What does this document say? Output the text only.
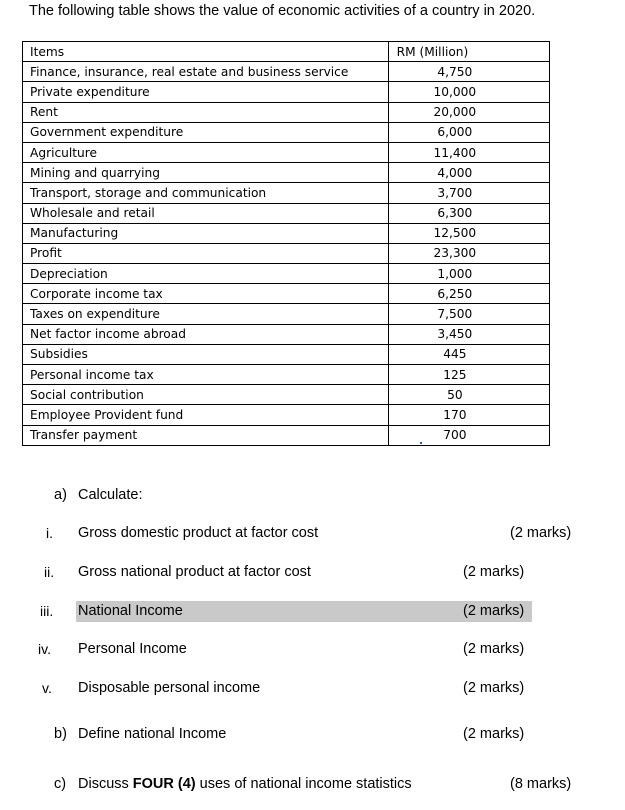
The following table shows the value of economic activities of a country in 2020.
Items	RM (Million)
Finance, insurance, real estate and business service	4,750
Private expenditure	10,000
Rent	20,000
Government expenditure	6,000
Agriculture	11,400
Mining and quarrying	4,000
Transport, storage and communication	3,700
Wholesale and retail	6,300
Manufacturing	12,500
Profit	23,300
Depreciation	1,000
Corporate income tax	6,250
Taxes on expenditure	7,500
Net factor income abroad	3,450
Subsidies	445
Personal income tax	125
Social contribution	50
Employee Provident fund	170
Transfer payment	700
a) Calculate:
i. Gross domestic product at factor cost	(2 marks)
ii. Gross national product at factor cost	(2 marks)
iii. National Income	(2 marks)
iv. Personal Income	(2 marks)
v. Disposable personal income	(2 marks)
b) Define national Income	(2 marks)
c) Discuss FOUR (4) uses of national income statistics	(8 marks)
